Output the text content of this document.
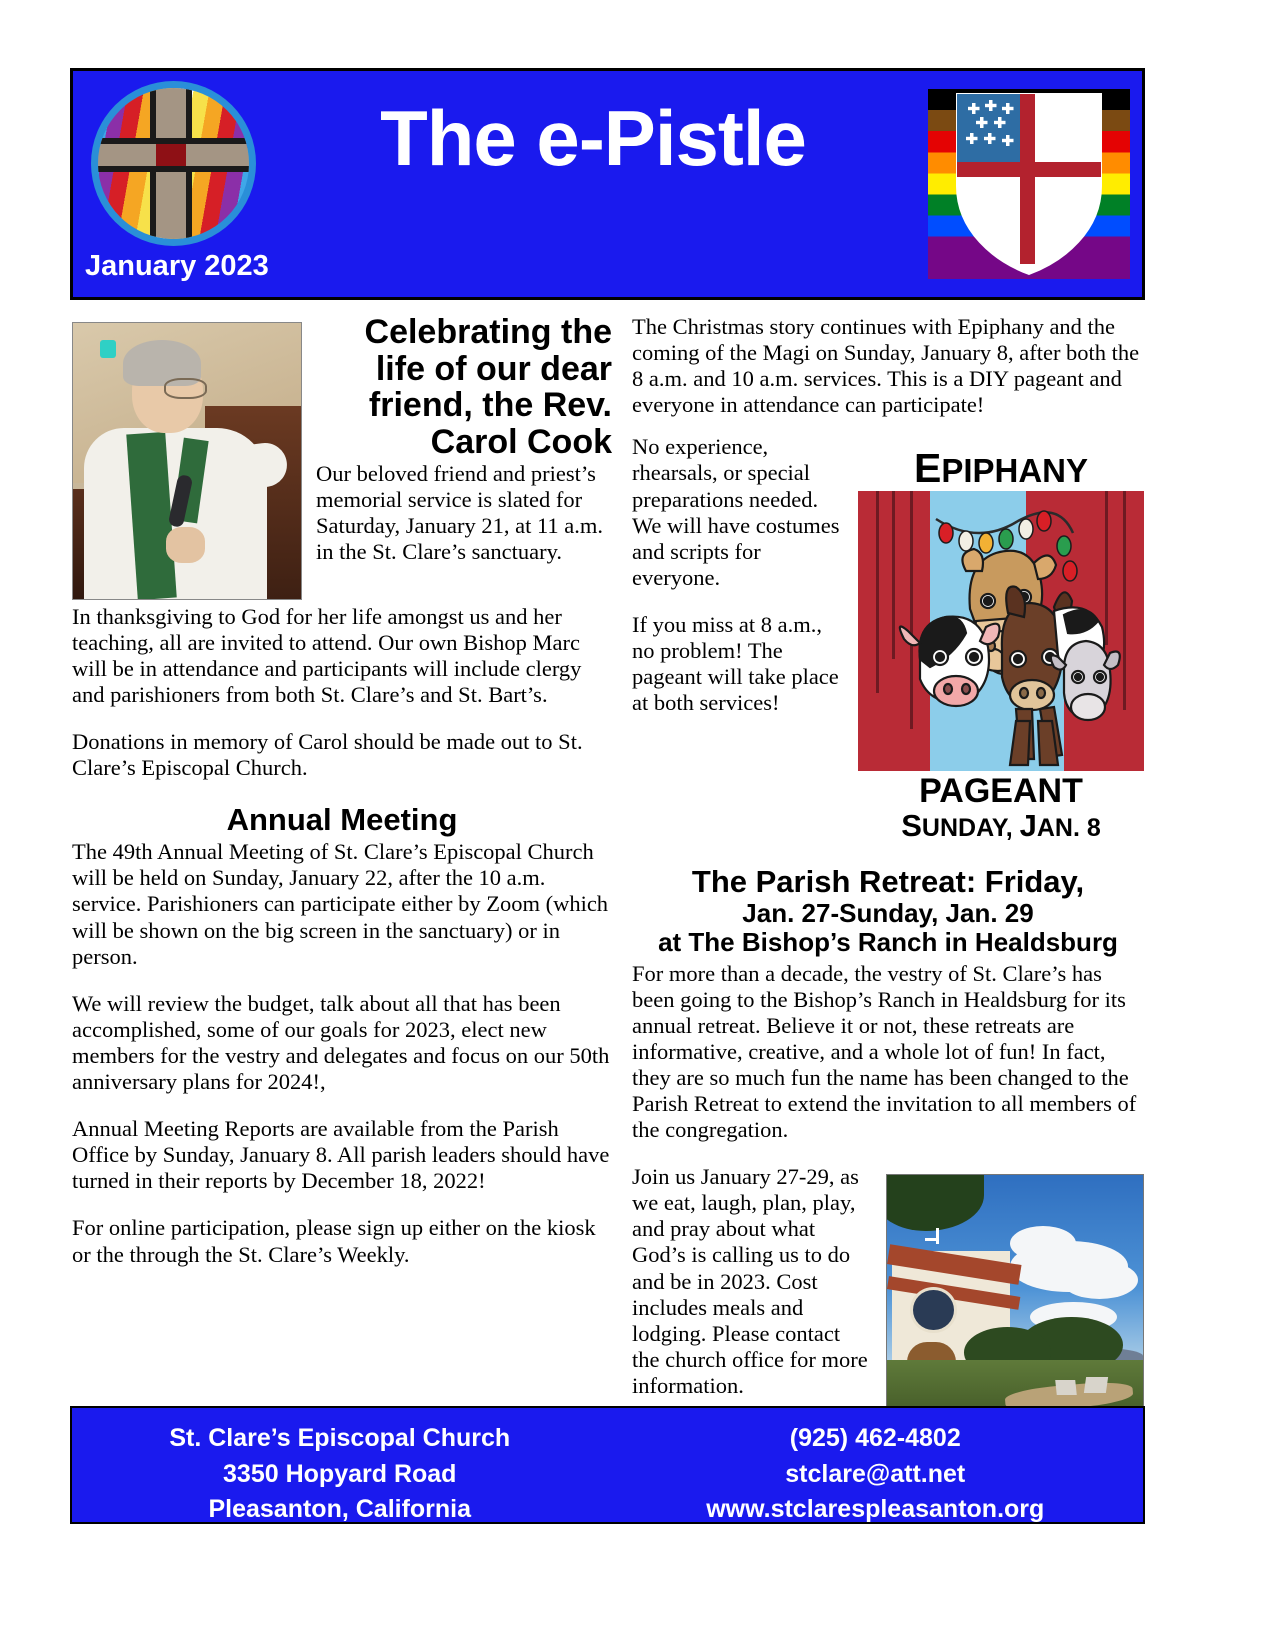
The e-Pistle
January 2023
Celebrating the life of our dear friend, the Rev. Carol Cook

Our beloved friend and priest’s memorial service is slated for Saturday, January 21, at 11 a.m. in the St. Clare’s sanctuary.

In thanksgiving to God for her life amongst us and her teaching, all are invited to attend. Our own Bishop Marc will be in attendance and participants will include clergy and parishioners from both St. Clare’s and St. Bart’s.

Donations in memory of Carol should be made out to St. Clare’s Episcopal Church.

Annual Meeting

The 49th Annual Meeting of St. Clare’s Episcopal Church will be held on Sunday, January 22, after the 10 a.m. service. Parishioners can participate either by Zoom (which will be shown on the big screen in the sanctuary) or in person.

We will review the budget, talk about all that has been accomplished, some of our goals for 2023, elect new members for the vestry and delegates and focus on our 50th anniversary plans for 2024!,

Annual Meeting Reports are available from the Parish Office by Sunday, January 8. All parish leaders should have turned in their reports by December 18, 2022!

For online participation, please sign up either on the kiosk or the through the St. Clare’s Weekly.

The Christmas story continues with Epiphany and the coming of the Magi on Sunday, January 8, after both the 8 a.m. and 10 a.m. services. This is a DIY pageant and everyone in attendance can participate!

EPIPHANY
PAGEANT
SUNDAY, JAN. 8

No experience, rhearsals, or special preparations needed. We will have costumes and scripts for everyone.

If you miss at 8 a.m., no problem! The pageant will take place at both services!

The Parish Retreat: Friday,
Jan. 27-Sunday, Jan. 29
at The Bishop’s Ranch in Healdsburg

For more than a decade, the vestry of St. Clare’s has been going to the Bishop’s Ranch in Healdsburg for its annual retreat. Believe it or not, these retreats are informative, creative, and a whole lot of fun! In fact, they are so much fun the name has been changed to the Parish Retreat to extend the invitation to all members of the congregation.

Join us January 27-29, as we eat, laugh, plan, play, and pray about what God’s is calling us to do and be in 2023. Cost includes meals and lodging. Please contact the church office for more information.

St. Clare’s Episcopal Church
3350 Hopyard Road
Pleasanton, California
(925) 462-4802
stclare@att.net
www.stclarespleasanton.org
